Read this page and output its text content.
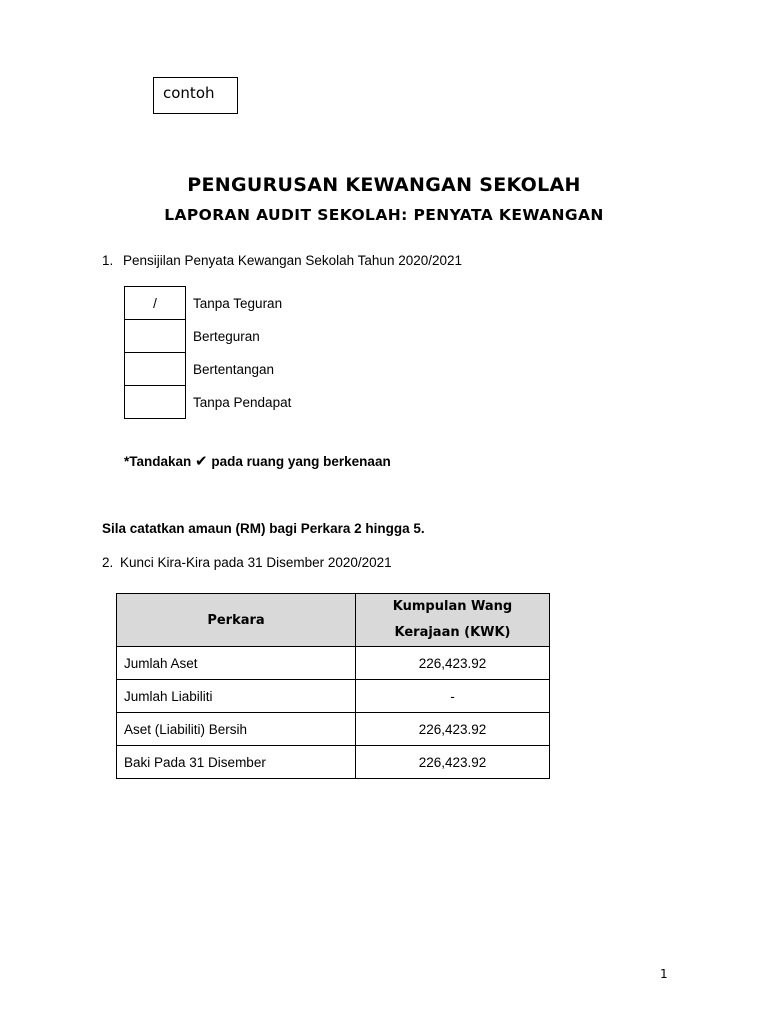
contoh
PENGURUSAN KEWANGAN SEKOLAH
LAPORAN AUDIT SEKOLAH: PENYATA KEWANGAN
1. Pensijilan Penyata Kewangan Sekolah Tahun 2020/2021
/	Tanpa Teguran
	Berteguran
	Bertentangan
	Tanpa Pendapat
*Tandakan ✔ pada ruang yang berkenaan
Sila catatkan amaun (RM) bagi Perkara 2 hingga 5.
2. Kunci Kira-Kira pada 31 Disember 2020/2021
Perkara	Kumpulan Wang
Kerajaan (KWK)

Jumlah Aset	226,423.92
Jumlah Liabiliti	-
Aset (Liabiliti) Bersih	226,423.92
Baki Pada 31 Disember	226,423.92
1
